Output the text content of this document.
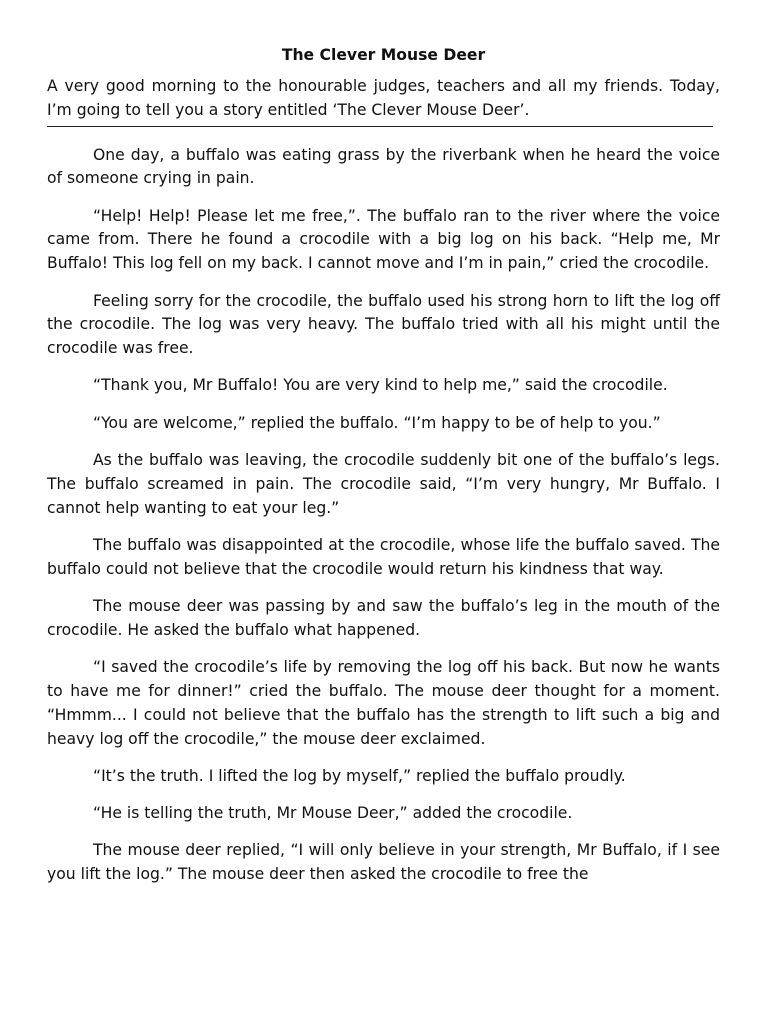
The Clever Mouse Deer

A very good morning to the honourable judges, teachers and all my friends. Today, I’m going to tell you a story entitled ‘The Clever Mouse Deer’.

One day, a buffalo was eating grass by the riverbank when he heard the voice of someone crying in pain.

“Help! Help! Please let me free,”. The buffalo ran to the river where the voice came from. There he found a crocodile with a big log on his back. “Help me, Mr Buffalo! This log fell on my back. I cannot move and I’m in pain,” cried the crocodile.

Feeling sorry for the crocodile, the buffalo used his strong horn to lift the log off the crocodile. The log was very heavy. The buffalo tried with all his might until the crocodile was free.

“Thank you, Mr Buffalo! You are very kind to help me,” said the crocodile.

“You are welcome,” replied the buffalo. “I’m happy to be of help to you.”

As the buffalo was leaving, the crocodile suddenly bit one of the buffalo’s legs. The buffalo screamed in pain. The crocodile said, “I’m very hungry, Mr Buffalo. I cannot help wanting to eat your leg.”

The buffalo was disappointed at the crocodile, whose life the buffalo saved. The buffalo could not believe that the crocodile would return his kindness that way.

The mouse deer was passing by and saw the buffalo’s leg in the mouth of the crocodile. He asked the buffalo what happened.

“I saved the crocodile’s life by removing the log off his back. But now he wants to have me for dinner!” cried the buffalo. The mouse deer thought for a moment. “Hmmm... I could not believe that the buffalo has the strength to lift such a big and heavy log off the crocodile,” the mouse deer exclaimed.

“It’s the truth. I lifted the log by myself,” replied the buffalo proudly.

“He is telling the truth, Mr Mouse Deer,” added the crocodile.

The mouse deer replied, “I will only believe in your strength, Mr Buffalo, if I see you lift the log.” The mouse deer then asked the crocodile to free the
